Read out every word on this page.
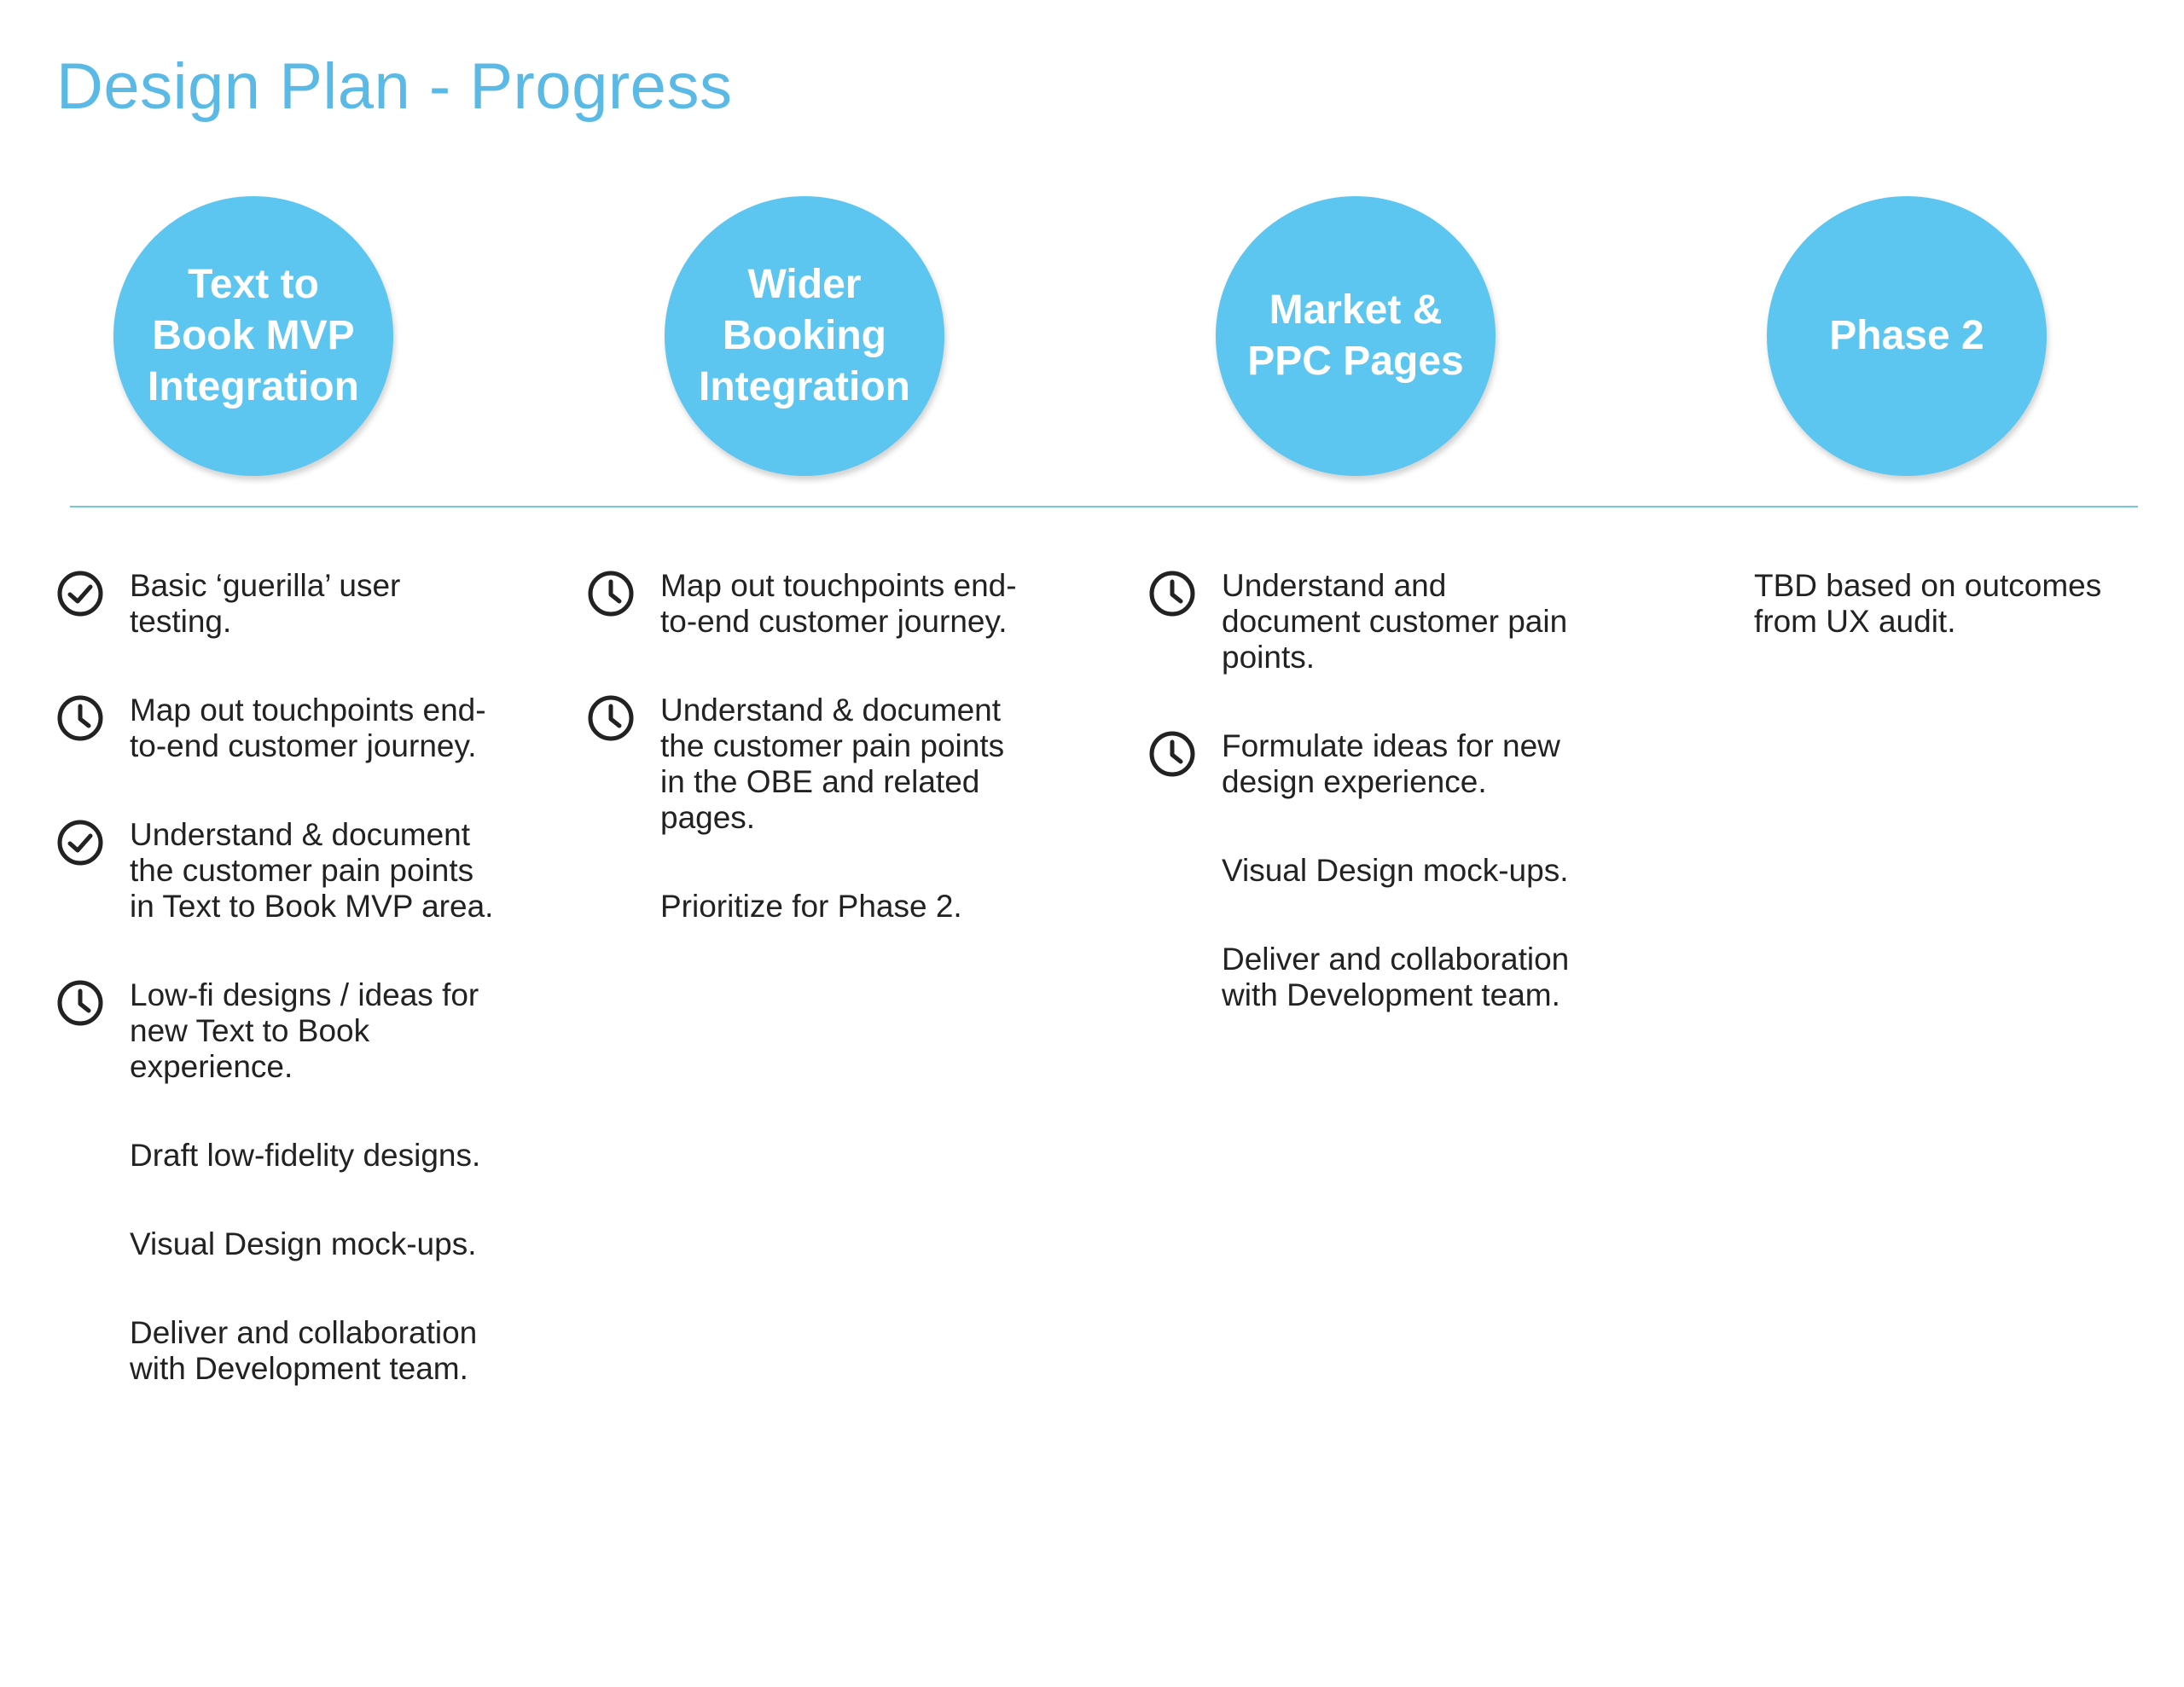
Design Plan - Progress
Text to
Book MVP
Integration
Wider
Booking
Integration
Market &
PPC Pages
Phase 2
Basic ‘guerilla’ user
testing.
Map out touchpoints end-
to-end customer journey.
Understand & document
the customer pain points
in Text to Book MVP area.
Low-fi designs / ideas for
new Text to Book
experience.
Draft low-fidelity designs.
Visual Design mock-ups.
Deliver and collaboration
with Development team.
Map out touchpoints end-
to-end customer journey.
Understand & document
the customer pain points
in the OBE and related
pages.
Prioritize for Phase 2.
Understand and
document customer pain
points.
Formulate ideas for new
design experience.
Visual Design mock-ups.
Deliver and collaboration
with Development team.
TBD based on outcomes
from UX audit.
